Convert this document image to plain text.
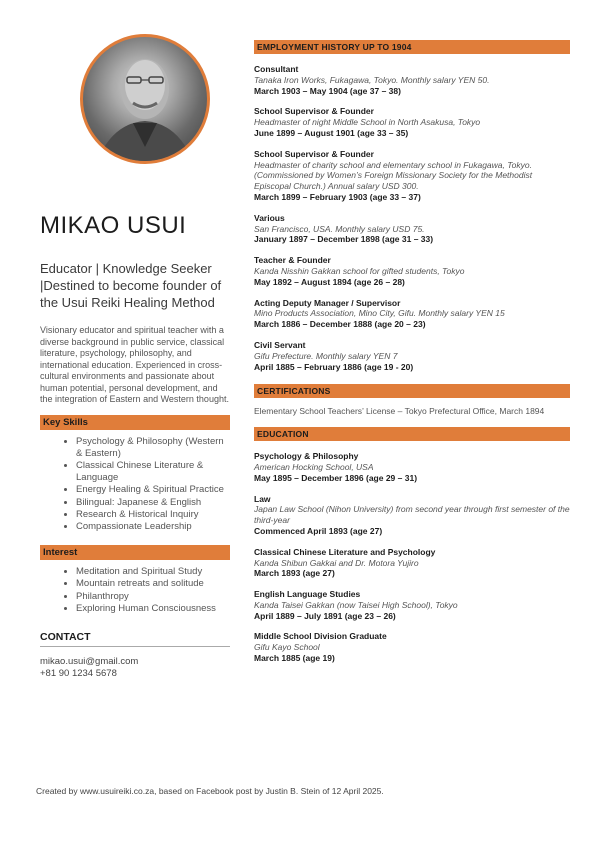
MIKAO USUI
Educator | Knowledge Seeker |Destined to become founder of the Usui Reiki Healing Method
Visionary educator and spiritual teacher with a diverse background in public service, classical literature, psychology, philosophy, and international education. Experienced in cross-cultural environments and passionate about human potential, personal development, and the integration of Eastern and Western thought.
Key Skills
• Psychology & Philosophy (Western & Eastern)
• Classical Chinese Literature & Language
• Energy Healing & Spiritual Practice
• Bilingual: Japanese & English
• Research & Historical Inquiry
• Compassionate Leadership
Interest
• Meditation and Spiritual Study
• Mountain retreats and solitude
• Philanthropy
• Exploring Human Consciousness
CONTACT
mikao.usui@gmail.com
+81 90 1234 5678
EMPLOYMENT HISTORY UP TO 1904
Consultant
Tanaka Iron Works, Fukagawa, Tokyo. Monthly salary YEN 50.
March 1903 – May 1904 (age 37 – 38)
School Supervisor & Founder
Headmaster of night Middle School in North Asakusa, Tokyo
June 1899 – August 1901 (age 33 – 35)
School Supervisor & Founder
Headmaster of charity school and elementary school in Fukagawa, Tokyo. (Commissioned by Women’s Foreign Missionary Society for the Methodist Episcopal Church.) Annual salary USD 300.
March 1899 – February 1903 (age 33 – 37)
Various
San Francisco, USA. Monthly salary USD 75.
January 1897 – December 1898 (age 31 – 33)
Teacher & Founder
Kanda Nisshin Gakkan school for gifted students, Tokyo
May 1892 – August 1894 (age 26 – 28)
Acting Deputy Manager / Supervisor
Mino Products Association, Mino City, Gifu. Monthly salary YEN 15
March 1886 – December 1888 (age 20 – 23)
Civil Servant
Gifu Prefecture. Monthly salary YEN 7
April 1885 – February 1886 (age 19 - 20)
CERTIFICATIONS
Elementary School Teachers’ License – Tokyo Prefectural Office, March 1894
EDUCATION
Psychology & Philosophy
American Hocking School, USA
May 1895 – December 1896 (age 29 – 31)
Law
Japan Law School (Nihon University) from second year through first semester of the third-year
Commenced April 1893 (age 27)
Classical Chinese Literature and Psychology
Kanda Shibun Gakkai and Dr. Motora Yujiro
March 1893 (age 27)
English Language Studies
Kanda Taisei Gakkan (now Taisei High School), Tokyo
April 1889 – July 1891 (age 23 – 26)
Middle School Division Graduate
Gifu Kayo School
March 1885 (age 19)
Created by www.usuireiki.co.za, based on Facebook post by Justin B. Stein of 12 April 2025.
